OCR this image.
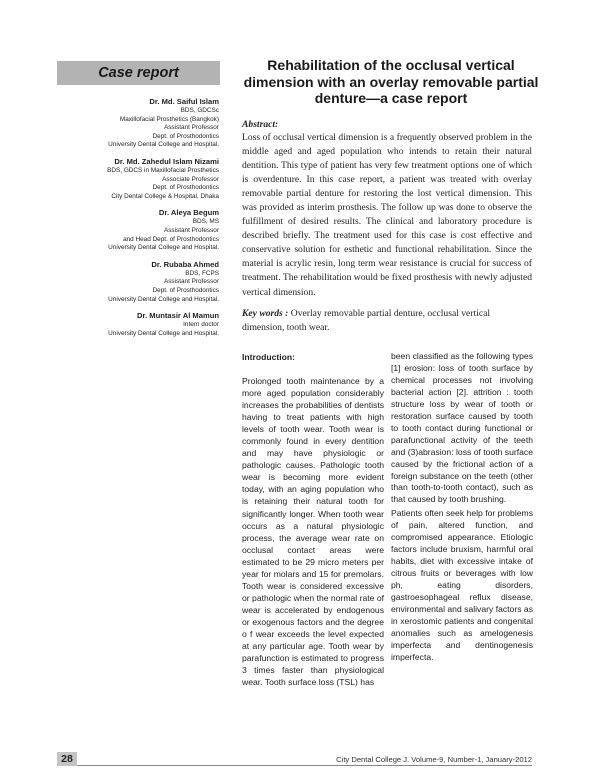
Case report
Dr. Md. Saiful Islam
BDS, GDCSc
Maxillofacial Prosthetics (Bangkok)
Assistant Professor
Dept. of Prosthodontics
University Dental College and Hospital.
Dr. Md. Zahedul Islam Nizami
BDS, GDCS in Maxillofacial Prosthetics
Associate Professor
Dept. of Prosthodontics
City Dental College & Hospital, Dhaka
Dr. Aleya Begum
BDS, MS
Assistant Professor
and Head Dept. of Prosthodontics
University Dental College and Hospital.
Dr. Rubaba Ahmed
BDS, FCPS
Assistant Professor
Dept. of Prosthodontics
University Dental College and Hospital.
Dr. Muntasir Al Mamun
Intern doctor
University Dental College and Hospital.
Rehabilitation of the occlusal vertical dimension with an overlay removable partial denture—a case report
Abstract:
Loss of occlusal vertical dimension is a frequently observed problem in the middle aged and aged population who intends to retain their natural dentition. This type of patient has very few treatment options one of which is overdenture. In this case report, a patient was treated with overlay removable partial denture for restoring the lost vertical dimension. This was provided as interim prosthesis. The follow up was done to observe the fulfillment of desired results. The clinical and laboratory procedure is described briefly. The treatment used for this case is cost effective and conservative solution for esthetic and functional rehabilitation. Since the material is acrylic resin, long term wear resistance is crucial for success of treatment. The rehabilitation would be fixed prosthesis with newly adjusted vertical dimension.
Key words : Overlay removable partial denture, occlusal vertical dimension, tooth wear.
Introduction:
Prolonged tooth maintenance by a more aged population considerably increases the probabilities of dentists having to treat patients with high levels of tooth wear. Tooth wear is commonly found in every dentition and may have physiologic or pathologic causes. Pathologic tooth wear is becoming more evident today, with an aging population who is retaining their natural tooth for significantly longer. When tooth wear occurs as a natural physiologic process, the average wear rate on occlusal contact areas were estimated to be 29 micro meters per year for molars and 15 for premolars. Tooth wear is considered excessive or pathologic when the normal rate of wear is accelerated by endogenous or exogenous factors and the degree o f wear exceeds the level expected at any particular age. Tooth wear by parafunction is estimated to progress 3 times faster than physiological wear. Tooth surface loss (TSL) has

been classified as the following types [1] erosion: loss of tooth surface by chemical processes not involving bacterial action [2]. attrition : tooth structure loss by wear of tooth or restoration surface caused by tooth to tooth contact during functional or parafunctional activity of the teeth and (3)abrasion: loss of tooth surface caused by the frictional action of a foreign substance on the teeth (other than tooth-to-tooth contact), such as that caused by tooth brushing.

Patients often seek help for problems of pain, altered function, and compromised appearance. Etiologic factors include bruxism, harmful oral habits, diet with excessive intake of citrous fruits or beverages with low ph, eating disorders, gastroesophageal reflux disease, environmental and salivary factors as in xerostomic patients and congenital anomalies such as amelogenesis imperfecta and dentinogenesis imperfecta.

28	City Dental College J. Volume-9, Number-1, January-2012
